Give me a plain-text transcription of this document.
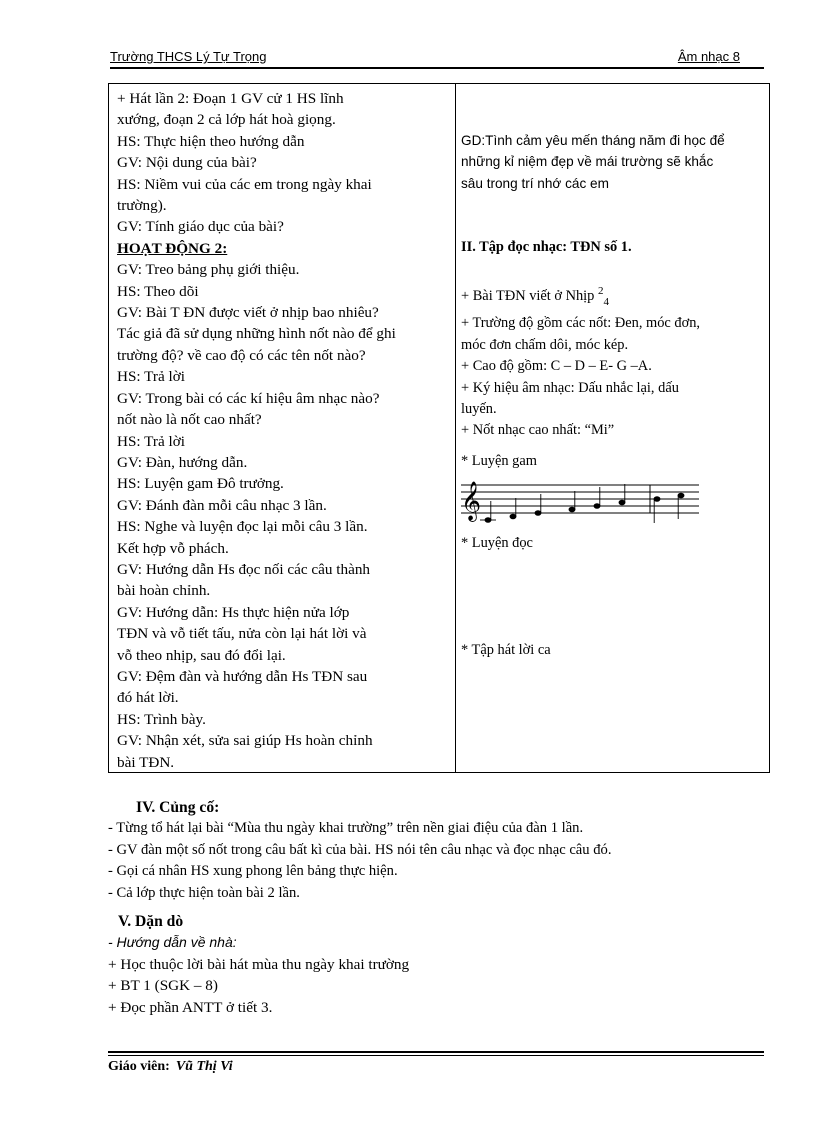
Trường THCS Lý Tự Trọng	Âm nhạc 8
+ Hát lần 2: Đoạn 1 GV cử 1 HS lĩnh
xướng, đoạn 2 cả lớp hát hoà giọng.
HS: Thực hiện theo hướng dẫn
GV: Nội dung của bài?
HS: Niềm vui của các em trong ngày khai
trường).
GV: Tính giáo dục của bài?
HOẠT ĐỘNG 2:
GV: Treo bảng phụ giới thiệu.
HS: Theo dõi
GV: Bài T ĐN được viết ở nhịp bao nhiêu?
Tác giả đã sử dụng những hình nốt nào để ghi
trường độ? về cao độ có các tên nốt nào?
HS: Trả lời
GV: Trong bài có các kí hiệu âm nhạc nào?
nốt nào là nốt cao nhất?
HS: Trả lời
GV: Đàn, hướng dẫn.
HS: Luyện gam Đô trưởng.
GV: Đánh đàn mỗi câu nhạc 3 lần.
HS: Nghe và luyện đọc lại mỗi câu 3 lần.
Kết hợp vỗ phách.
GV: Hướng dẫn Hs đọc nối các câu thành
bài hoàn chỉnh.
GV: Hướng dẫn: Hs thực hiện nửa lớp
TĐN và vỗ tiết tấu, nửa còn lại hát lời và
vỗ theo nhịp, sau đó đổi lại.
GV: Đệm đàn và hướng dẫn Hs TĐN sau
đó hát lời.
HS: Trình bày.
GV: Nhận xét, sửa sai giúp Hs hoàn chỉnh
bài TĐN.
GD:Tình cảm yêu mến tháng năm đi học để
những kỉ niệm đẹp về mái trường sẽ khắc
sâu trong trí nhớ các em
II. Tập đọc nhạc: TĐN số 1.
+ Bài TĐN viết ở Nhịp $^2_4$
+ Trường độ gồm các nốt: Đen, móc đơn,
móc đơn chấm dôi, móc kép.
+ Cao độ gồm: C – D – E- G –A.
+ Ký hiệu âm nhạc: Dấu nhắc lại, dấu
luyến.
+ Nốt nhạc cao nhất: “Mi”
* Luyện gam
𝄞
* Luyện đọc
* Tập hát lời ca
IV. Củng cố:
- Từng tổ hát lại bài “Mùa thu ngày khai trường” trên nền giai điệu của đàn 1 lần.
- GV đàn một số nốt trong câu bất kì của bài. HS nói tên câu nhạc và đọc nhạc câu đó.
- Gọi cá nhân HS xung phong lên bảng thực hiện.
- Cả lớp thực hiện toàn bài 2 lần.
V. Dặn dò
- Hướng dẫn về nhà:
+ Học thuộc lời bài hát mùa thu ngày khai trường
+ BT 1 (SGK – 8)
+ Đọc phần ANTT ở tiết 3.
Giáo viên: Vũ Thị Vi
